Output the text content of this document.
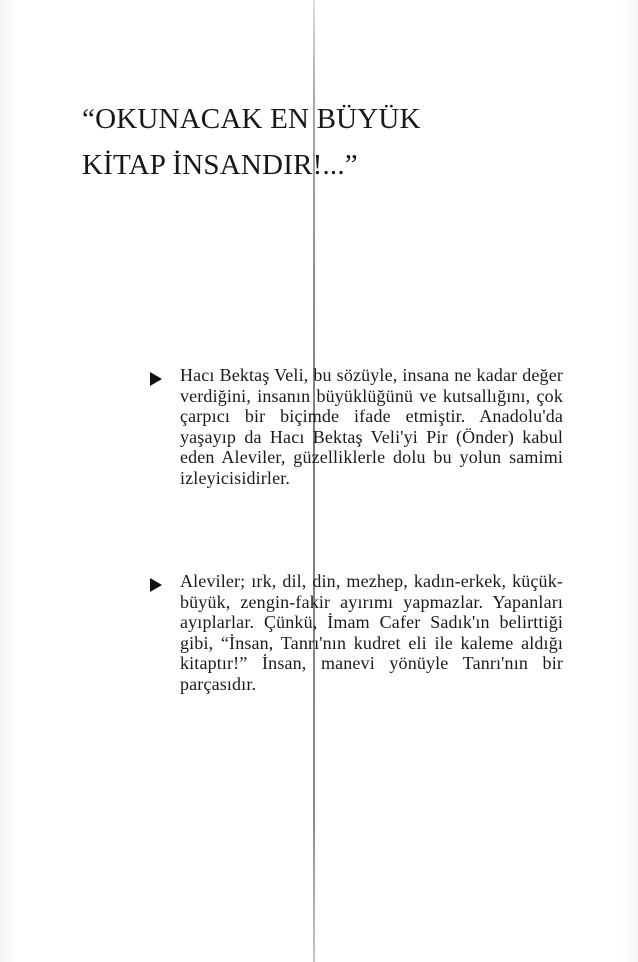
“OKUNACAK EN BÜYÜK
KİTAP İNSANDIR!...”

Hacı Bektaş Veli, bu sözüyle, insana ne kadar değer verdiğini, insanın büyüklüğünü ve kutsallığını, çok çarpıcı bir biçimde ifade etmiştir. Anadolu'da yaşayıp da Hacı Bektaş Veli'yi Pir (Önder) kabul eden Aleviler, güzelliklerle dolu bu yolun samimi izleyicisidirler.

Aleviler; ırk, dil, din, mezhep, kadın-erkek, küçük-büyük, zengin-fakir ayırımı yapmazlar. Yapanları ayıplarlar. Çünkü, İmam Cafer Sadık'ın belirttiği gibi, “İnsan, Tanrı'nın kudret eli ile kaleme aldığı kitaptır!” İnsan, manevi yönüyle Tanrı'nın bir parçasıdır.
